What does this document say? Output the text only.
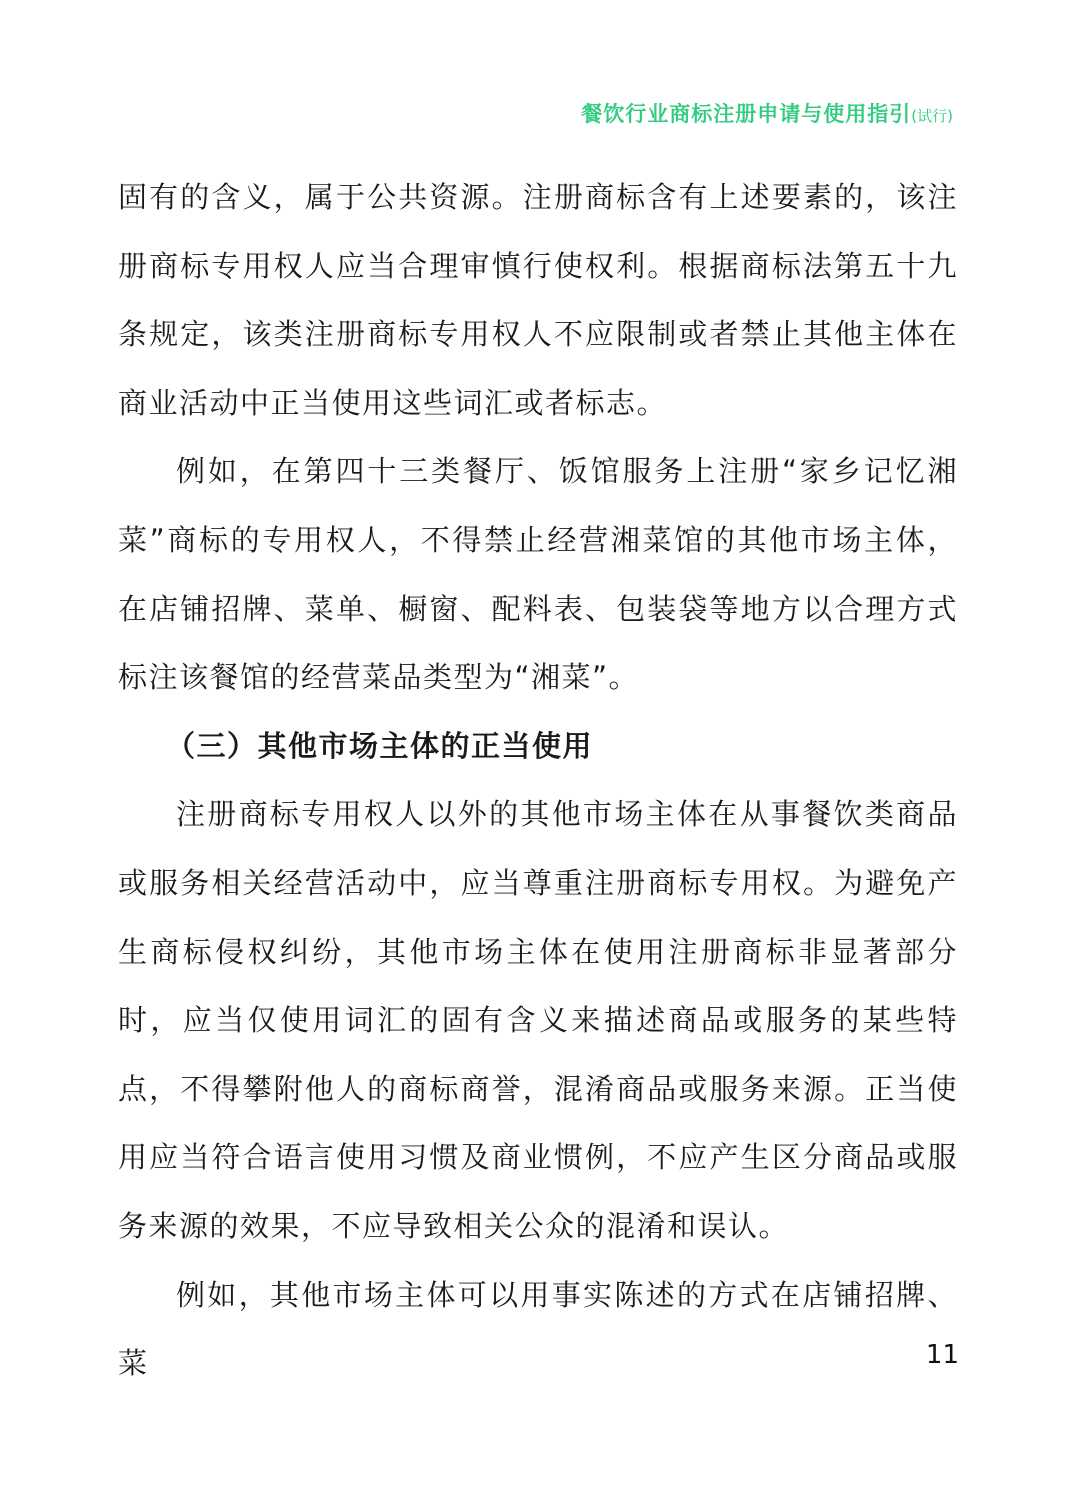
餐饮行业商标注册申请与使用指引(试行)

固有的含义，属于公共资源。注册商标含有上述要素的，该注册商标专用权人应当合理审慎行使权利。根据商标法第五十九条规定，该类注册商标专用权人不应限制或者禁止其他主体在商业活动中正当使用这些词汇或者标志。

例如，在第四十三类餐厅、饭馆服务上注册“家乡记忆湘菜”商标的专用权人，不得禁止经营湘菜馆的其他市场主体，在店铺招牌、菜单、橱窗、配料表、包装袋等地方以合理方式标注该餐馆的经营菜品类型为“湘菜”。

（三）其他市场主体的正当使用

注册商标专用权人以外的其他市场主体在从事餐饮类商品或服务相关经营活动中，应当尊重注册商标专用权。为避免产生商标侵权纠纷，其他市场主体在使用注册商标非显著部分时，应当仅使用词汇的固有含义来描述商品或服务的某些特点，不得攀附他人的商标商誉，混淆商品或服务来源。正当使用应当符合语言使用习惯及商业惯例，不应产生区分商品或服务来源的效果，不应导致相关公众的混淆和误认。

例如，其他市场主体可以用事实陈述的方式在店铺招牌、菜	11
